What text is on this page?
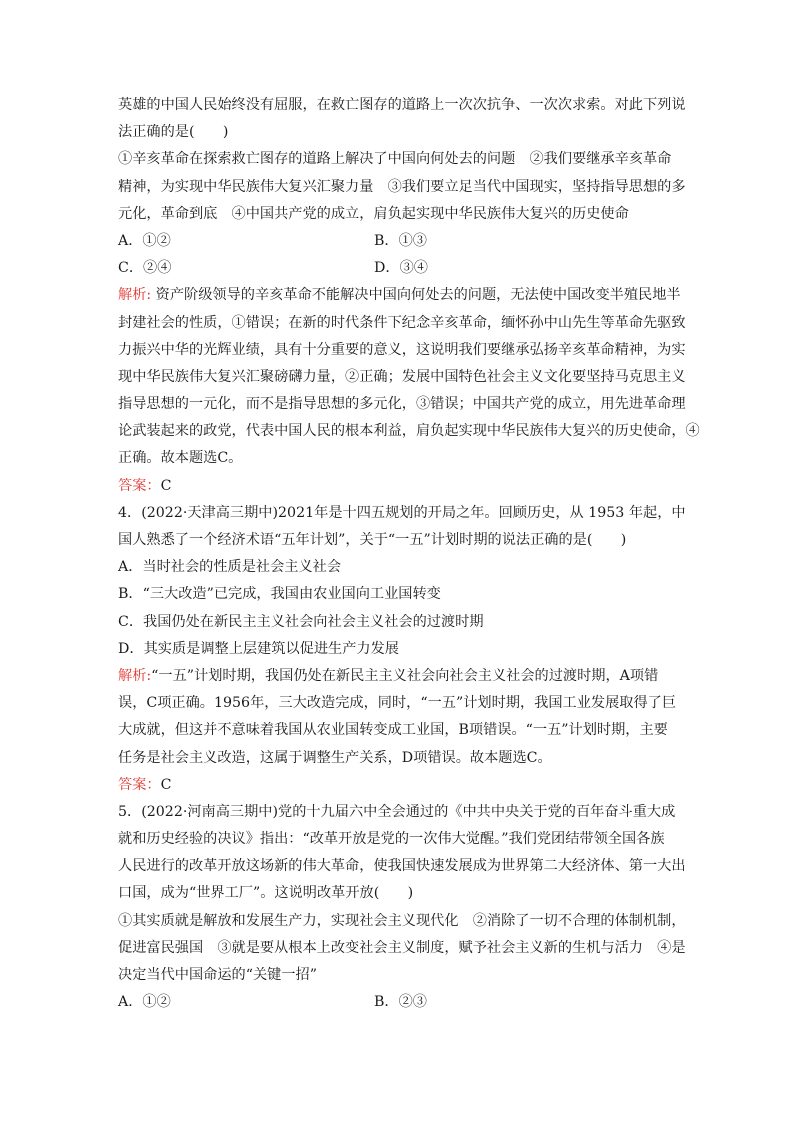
英雄的中国人民始终没有屈服，在救亡图存的道路上一次次抗争、一次次求索。对此下列说
法正确的是(　　)
①辛亥革命在探索救亡图存的道路上解决了中国向何处去的问题　②我们要继承辛亥革命
精神，为实现中华民族伟大复兴汇聚力量　③我们要立足当代中国现实，坚持指导思想的多
元化，革命到底　④中国共产党的成立，肩负起实现中华民族伟大复兴的历史使命
A．①②	B．①③
C．②④	D．③④
解析: 资产阶级领导的辛亥革命不能解决中国向何处去的问题，无法使中国改变半殖民地半
封建社会的性质，①错误；在新的时代条件下纪念辛亥革命，缅怀孙中山先生等革命先驱致
力振兴中华的光辉业绩，具有十分重要的意义，这说明我们要继承弘扬辛亥革命精神，为实
现中华民族伟大复兴汇聚磅礴力量，②正确；发展中国特色社会主义文化要坚持马克思主义
指导思想的一元化，而不是指导思想的多元化，③错误；中国共产党的成立，用先进革命理
论武装起来的政党，代表中国人民的根本利益，肩负起实现中华民族伟大复兴的历史使命，④
正确。故本题选C。
答案：C
4．(2022·天津高三期中)2021年是十四五规划的开局之年。回顾历史，从 1953 年起，中
国人熟悉了一个经济术语“五年计划”，关于“一五”计划时期的说法正确的是(　　)
A．当时社会的性质是社会主义社会
B．“三大改造”已完成，我国由农业国向工业国转变
C．我国仍处在新民主主义社会向社会主义社会的过渡时期
D．其实质是调整上层建筑以促进生产力发展
解析:“一五”计划时期，我国仍处在新民主主义社会向社会主义社会的过渡时期，A项错
误，C项正确。1956年，三大改造完成，同时，“一五”计划时期，我国工业发展取得了巨
大成就，但这并不意味着我国从农业国转变成工业国，B项错误。“一五”计划时期，主要
任务是社会主义改造，这属于调整生产关系，D项错误。故本题选C。
答案：C
5．(2022·河南高三期中)党的十九届六中全会通过的《中共中央关于党的百年奋斗重大成
就和历史经验的决议》指出：“改革开放是党的一次伟大觉醒。”我们党团结带领全国各族
人民进行的改革开放这场新的伟大革命，使我国快速发展成为世界第二大经济体、第一大出
口国，成为“世界工厂”。这说明改革开放(　　)
①其实质就是解放和发展生产力，实现社会主义现代化　②消除了一切不合理的体制机制，
促进富民强国　③就是要从根本上改变社会主义制度，赋予社会主义新的生机与活力　④是
决定当代中国命运的“关键一招”
A．①②	B．②③
